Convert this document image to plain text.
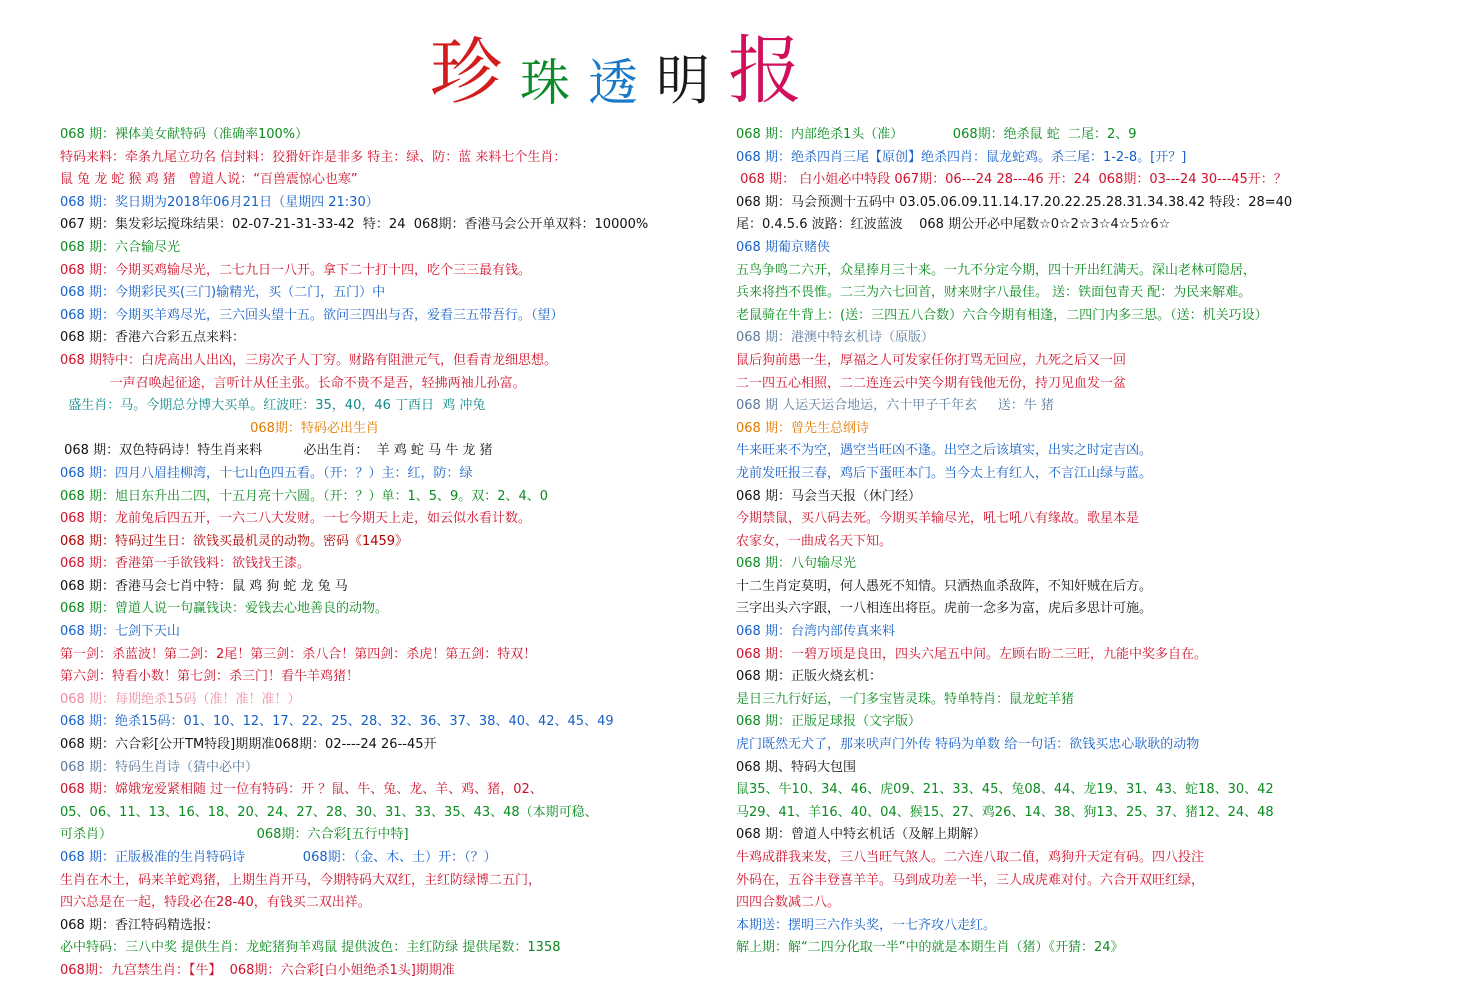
珍 珠 透 明 报
068 期：裸体美女献特码（准确率100%）
特码来料：牵条九尾立功名 信封料：狡猾奸诈是非多 特主：绿、防：蓝 来料七个生肖：
鼠 兔 龙 蛇 猴 鸡 猪   曾道人说：“百兽震惊心也寒”
068 期：奖日期为2018年06月21日（星期四 21:30）
067 期：集发彩坛搅珠结果：02-07-21-31-33-42  特：24  068期：香港马会公开单双料：10000%
068 期：六合输尽光
068 期：今期买鸡输尽光，二七九日一八开。拿下二十打十四，吃个三三最有钱。
068 期：今期彩民买(三门)输精光，买（二门，五门）中
068 期：今期买羊鸡尽光，三六回头望十五。欲问三四出与否，爱看三五带吾行。（望）
068 期：香港六合彩五点来料：
068 期特中：白虎高出人出凶，三房次子人丁穷。财路有阻泄元气，但看青龙细思想。
一声召唤起征途，言听计从任主张。长命不贵不是吾，轻拂两袖儿孙富。
盛生肖：马。今期总分博大买单。红波旺：35，40，46 丁酉日  鸡 冲兔
068期：特码必出生肖
068 期：双色特码诗！特生肖来料          必出生肖：  羊 鸡 蛇 马 牛 龙 猪
068 期：四月八眉挂柳湾，十七山色四五看。（开：？）主：红，防：绿
068 期：旭日东升出二四，十五月亮十六圆。（开：？）单：1、5、9。双：2、4、0
068 期：龙前兔后四五开，一六二八大发财。一七今期天上走，如云似水看计数。
068 期：特码过生日：欲钱买最机灵的动物。密码《1459》
068 期：香港第一手欲钱料：欲钱找王漆。
068 期：香港马会七肖中特：鼠 鸡 狗 蛇 龙 兔 马
068 期：曾道人说一句赢钱诀：爱钱去心地善良的动物。
068 期：七剑下天山
第一剑：杀蓝波！第二剑：2尾！第三剑：杀八合！第四剑：杀虎！第五剑：特双！
第六剑：特看小数！第七剑：杀三门！看牛羊鸡猪！
068 期：每期绝杀15码（准！准！准！）
068 期：绝杀15码：01、10、12、17、22、25、28、32、36、37、38、40、42、45、49
068 期：六合彩[公开TM特段]期期准068期：02----24 26--45开
068 期：特码生肖诗（猜中必中）
068 期：嫦娥宠爱紧相随 过一位有特码：开 ？鼠、牛、兔、龙、羊、鸡、猪，02、
05、06、11、13、16、18、20、24、27、28、30、31、33、35、43、48（本期可稳、
可杀肖）                                   068期：六合彩[五行中特]
068 期：正版极准的生肖特码诗              068期：（金、木、土）开：（？）
生肖在木土，码来羊蛇鸡猪，上期生肖开马，今期特码大双红，主红防绿博二五门，
四六总是在一起，特段必在28-40，有钱买二双出祥。
068 期：香江特码精选报：
必中特码：三八中奖 提供生肖：龙蛇猪狗羊鸡鼠 提供波色：主红防绿 提供尾数：1358
068期：九宫禁生肖：【牛】  068期：六合彩[白小姐绝杀1头]期期准
068 期：内部绝杀1头（准）            068期：绝杀鼠 蛇  二尾：2、9
068 期：绝杀四肖三尾【原创】绝杀四肖：鼠龙蛇鸡。杀三尾：1-2-8。[开？]
068 期： 白小姐必中特段 067期：06---24 28---46 开：24  068期：03---24 30---45开：？
068 期：马会预测十五码中 03.05.06.09.11.14.17.20.22.25.28.31.34.38.42 特段：28=40
尾：0.4.5.6 波路：红波蓝波    068 期公开必中尾数☆0☆2☆3☆4☆5☆6☆
068 期葡京赌侠
五鸟争鸣二六开，众星捧月三十来。一九不分定今期，四十开出红满天。深山老林可隐居，
兵来将挡不畏惟。二三为六七回首，财来财字八最佳。 送：铁面包青天 配：为民来解难。
老鼠骑在牛背上：(送：三四五八合数）六合今期有相逢，二四门内多三思。（送：机关巧设）
068 期：港澳中特玄机诗（原版）
鼠后狗前愚一生，厚福之人可发家任你打骂无回应，九死之后又一回
二一四五心相照，二二连连云中笑今期有钱他无份，持刀见血发一盆
068 期 人运天运合地运，六十甲子千年玄     送：牛 猪
068 期：曾先生总纲诗
牛来旺来不为空，遇空当旺凶不逢。出空之后该填实，出实之时定吉凶。
龙前发旺报三春，鸡后下蛋旺本门。当今太上有红人，不言江山绿与蓝。
068 期：马会当天报（休门经）
今期禁鼠，买八码去死。今期买羊输尽光，吼七吼八有缘故。歌星本是
农家女，一曲成名天下知。
068 期：八句输尽光
十二生肖定莫明，何人愚死不知情。只洒热血杀敌阵，不知奸贼在后方。
三字出头六字跟，一八相连出将臣。虎前一念多为富，虎后多思计可施。
068 期：台湾内部传真来料
068 期：一碧万顷是良田，四头六尾五中间。左顾右盼二三旺，九能中奖多自在。
068 期：正版火烧玄机：
是日三九行好运，一门多宝皆灵珠。特单特肖：鼠龙蛇羊猪
068 期：正版足球报（文字版）
虎门既然无犬了，那来吠声门外传 特码为单数 给一句话：欲钱买忠心耿耿的动物
068 期、特码大包围
鼠35、牛10、34、46、虎09、21、33、45、兔08、44、龙19、31、43、蛇18、30、42
马29、41、羊16、40、04、猴15、27、鸡26、14、38、狗13、25、37、猪12、24、48
068 期：曾道人中特玄机话（及解上期解）
牛鸡成群我来发，三八当旺气煞人。二六连八取二值，鸡狗升天定有码。四八投注
外码在，五谷丰登喜羊羊。马到成功差一半，三人成虎难对付。六合开双旺红绿，
四四合数减二八。
本期送：摆明三六作头奖，一七齐攻八走红。
解上期：解“二四分化取一半”中的就是本期生肖（猪）《开猜：24》
